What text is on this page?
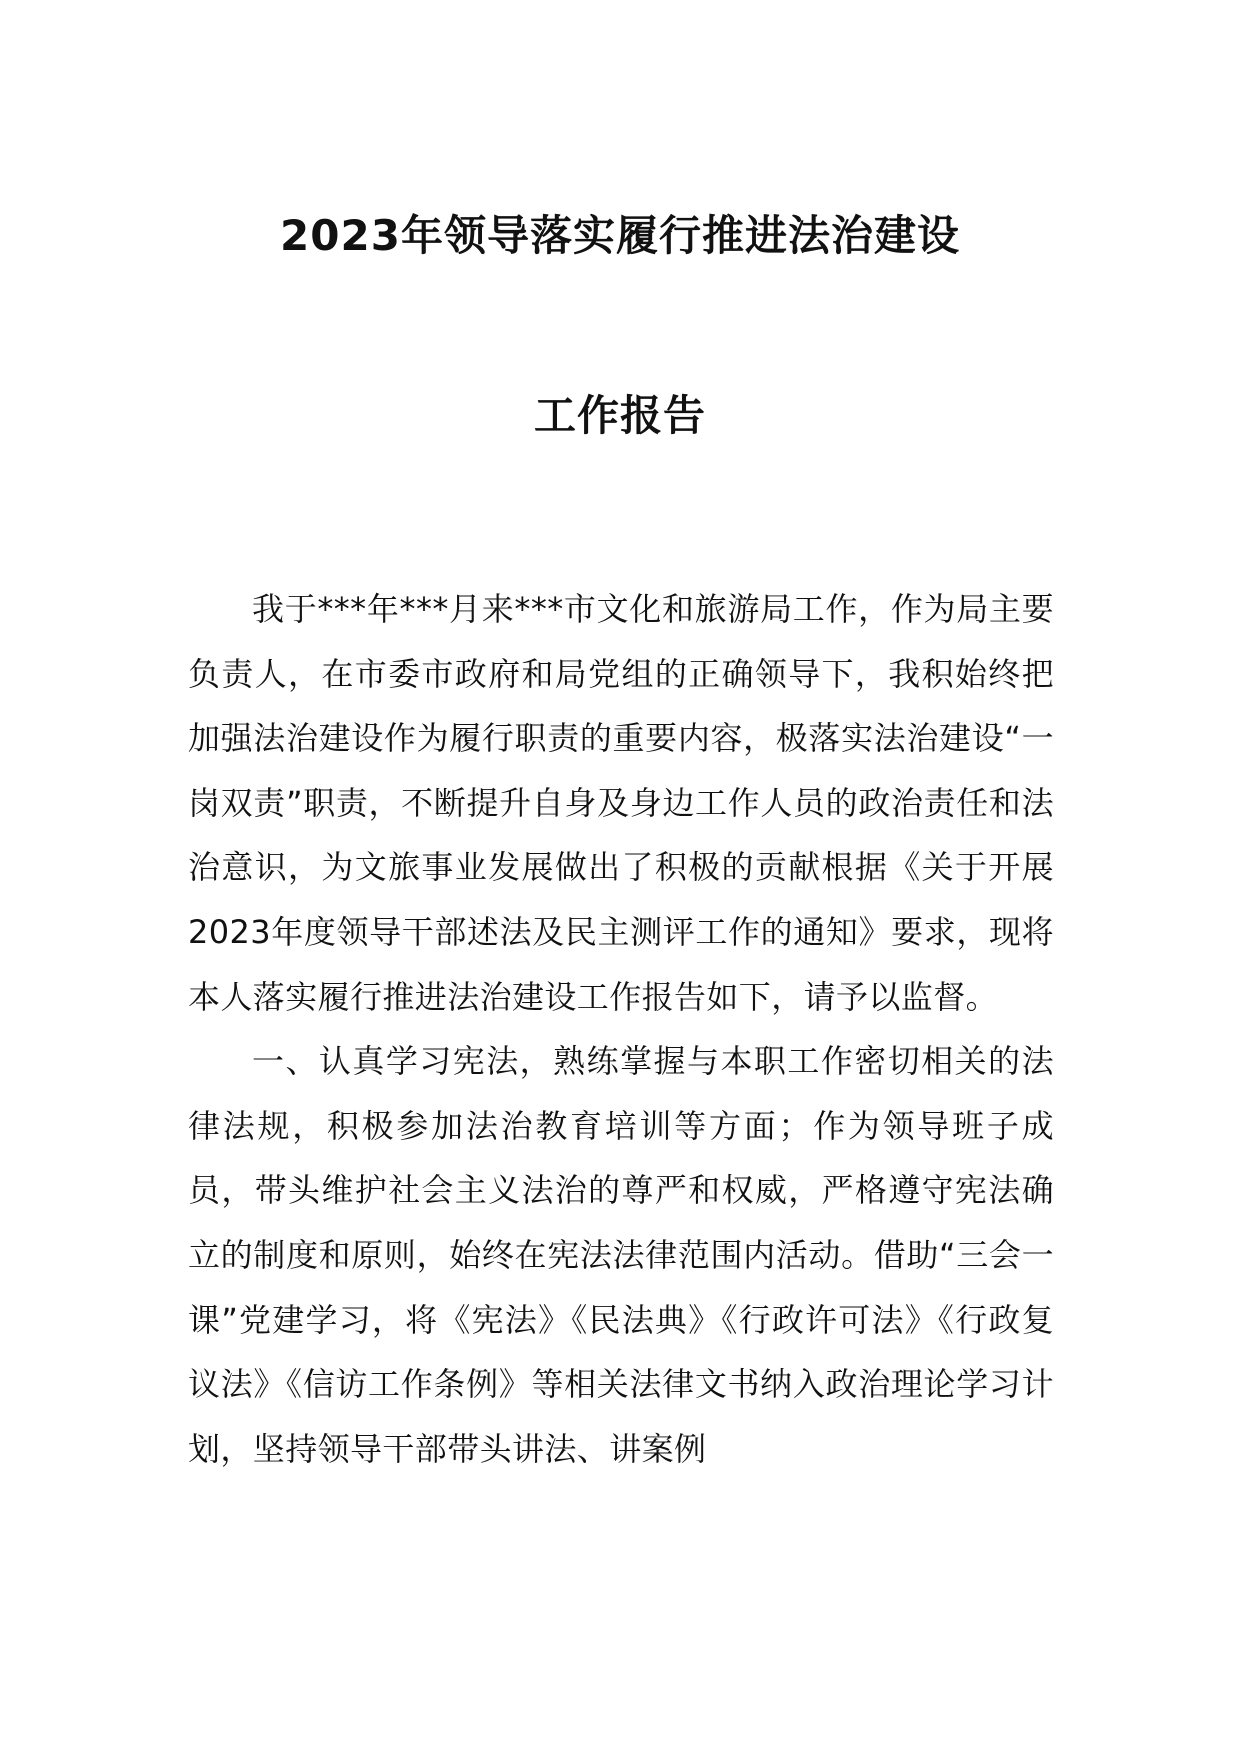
2023年领导落实履行推进法治建设
工作报告

我于***年***月来***市文化和旅游局工作，作为局主要负责人，在市委市政府和局党组的正确领导下，我积始终把加强法治建设作为履行职责的重要内容，极落实法治建设“一岗双责”职责，不断提升自身及身边工作人员的政治责任和法治意识，为文旅事业发展做出了积极的贡献根据《关于开展2023年度领导干部述法及民主测评工作的通知》要求，现将本人落实履行推进法治建设工作报告如下，请予以监督。

一、认真学习宪法，熟练掌握与本职工作密切相关的法律法规，积极参加法治教育培训等方面；作为领导班子成员，带头维护社会主义法治的尊严和权威，严格遵守宪法确立的制度和原则，始终在宪法法律范围内活动。借助“三会一课”党建学习，将《宪法》《民法典》《行政许可法》《行政复议法》《信访工作条例》等相关法律文书纳入政治理论学习计划，坚持领导干部带头讲法、讲案例
